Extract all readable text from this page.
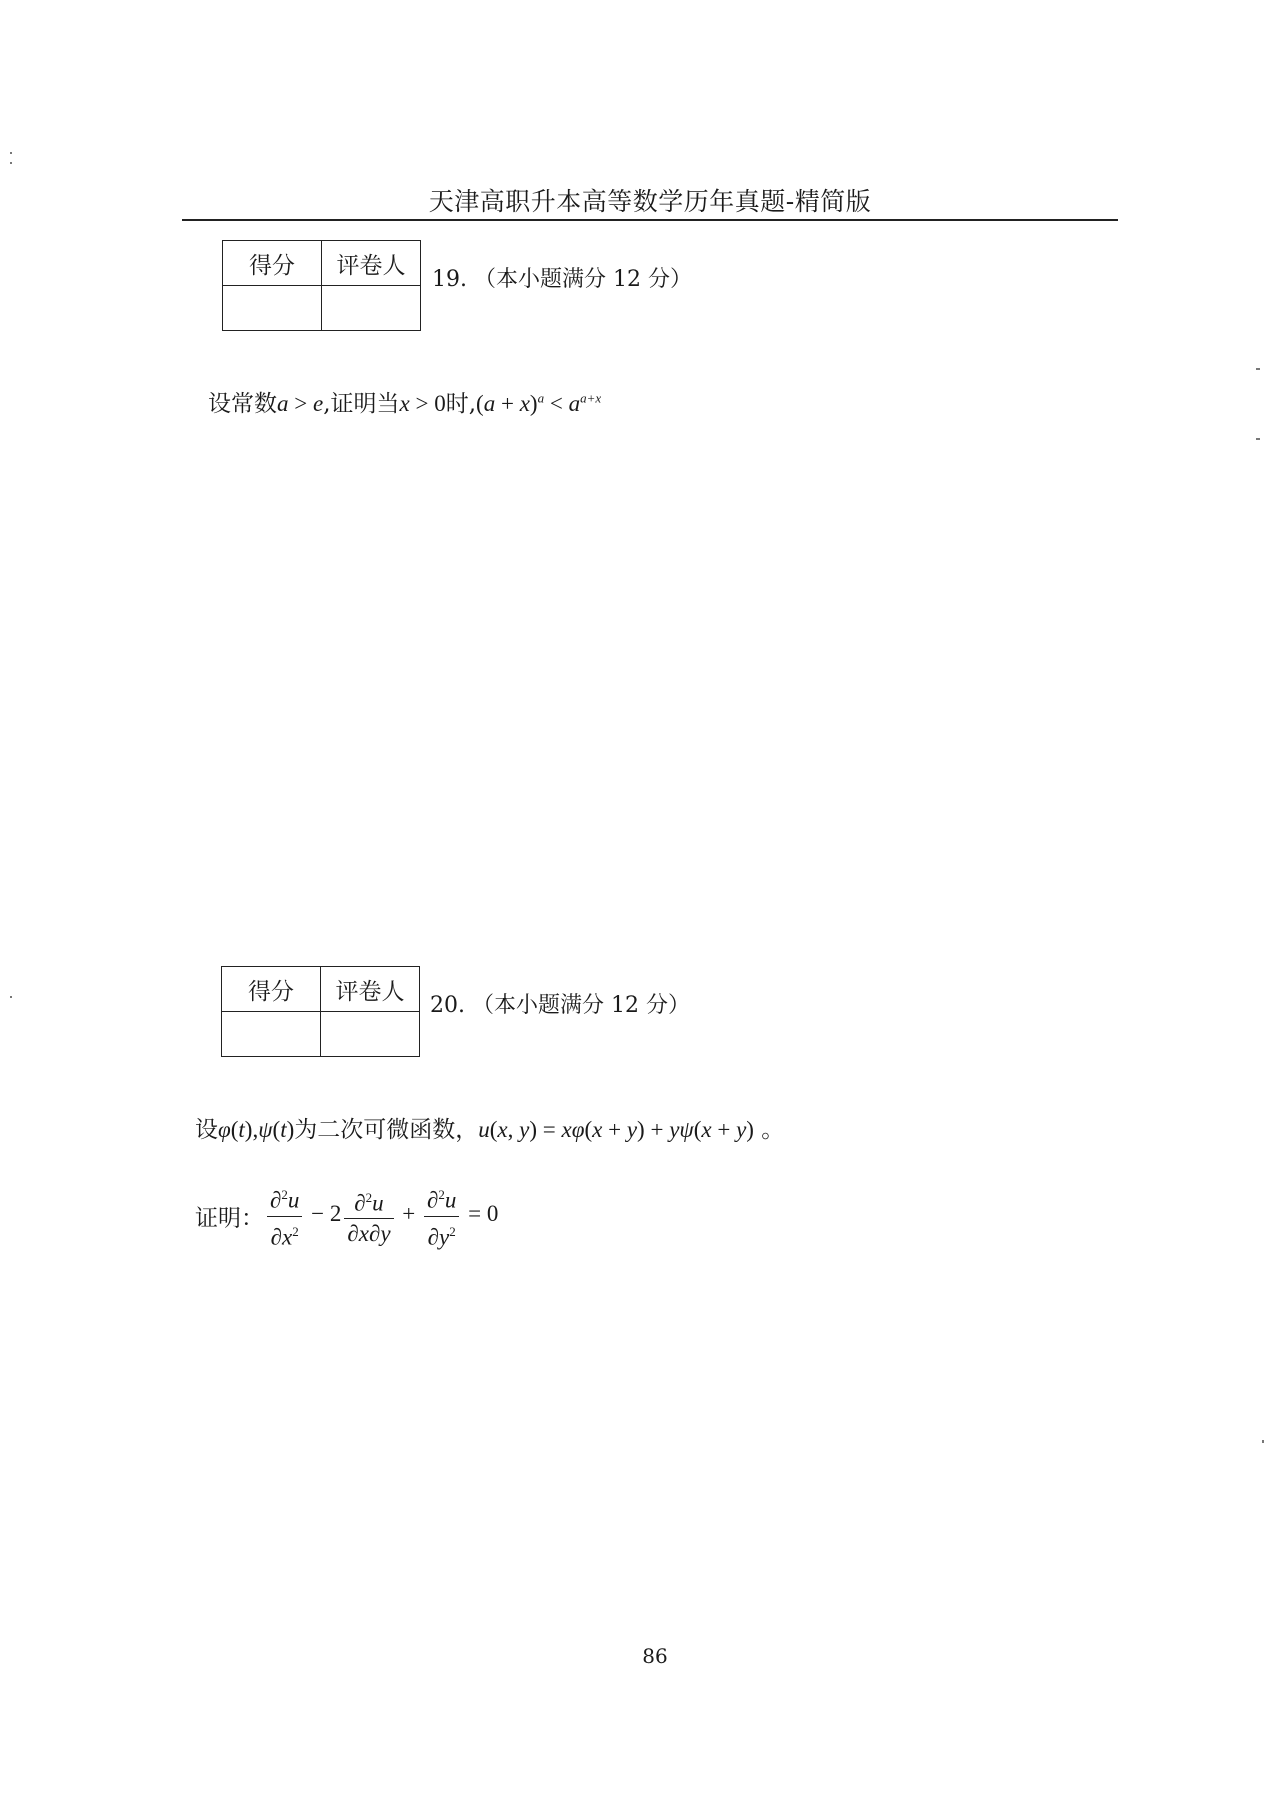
天津高职升本高等数学历年真题-精简版
得分	评卷人

19. （本小题满分 12 分）
设常数a > e,证明当x > 0时$,(a + x)^a < a^{a+x}$
得分	评卷人

20. （本小题满分 12 分）
设φ(t),ψ(t)为二次可微函数，u(x, y) = xφ(x + y) + yψ(x + y) 。
证明： $\frac{\partial^2u}{\partial x^2} - 2 \frac{\partial^2u}{\partial x\partial y} + \frac{\partial^2u}{\partial y^2} = 0$
86
